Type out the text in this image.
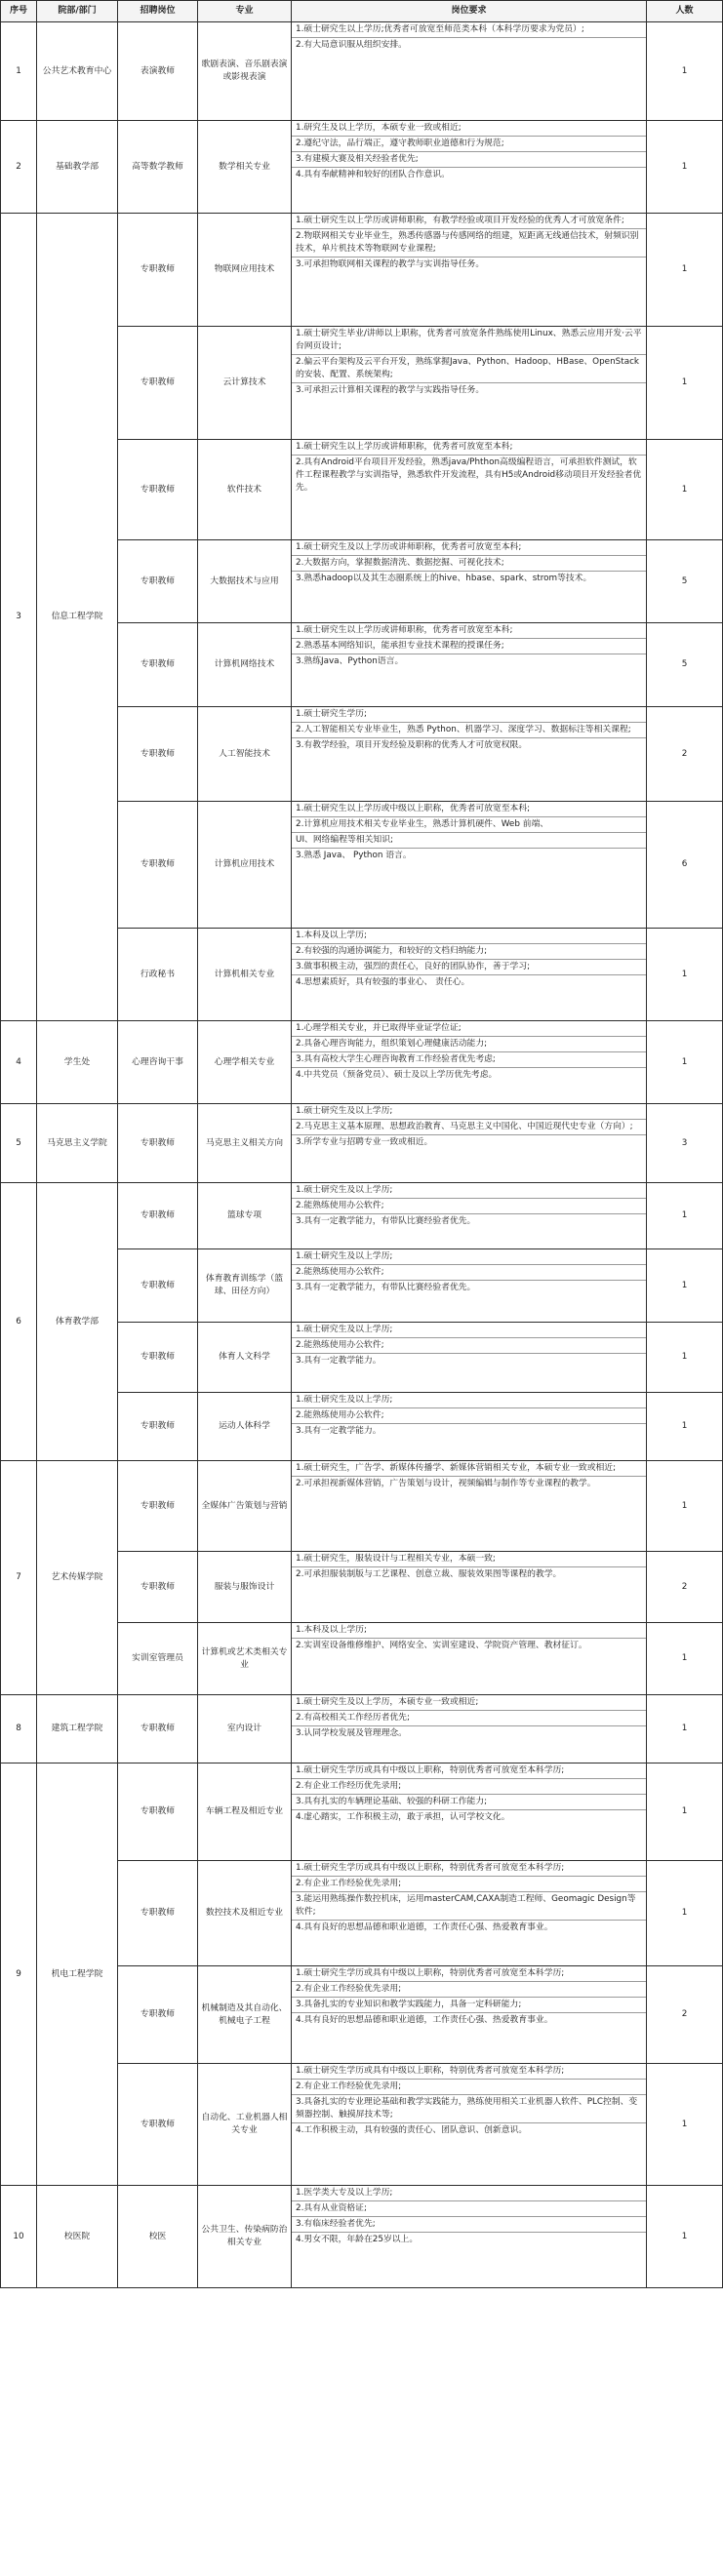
序号	院部/部门	招聘岗位	专业	岗位要求	人数
1	公共艺术教育中心	表演教师	歌剧表演、音乐剧表演或影视表演	1.硕士研究生以上学历;优秀者可放宽至师范类本科（本科学历要求为党员）;
2.有大局意识服从组织安排。	1
2	基础教学部	高等数学教师	数学相关专业	1.研究生及以上学历，本硕专业一致或相近;
2.遵纪守法，品行端正，遵守教师职业道德和行为规范;
3.有建模大赛及相关经验者优先;
4.具有奉献精神和较好的团队合作意识。	1
3	信息工程学院	专职教师	物联网应用技术	1.硕士研究生以上学历或讲师职称，有教学经验或项目开发经验的优秀人才可放宽条件;
2.物联网相关专业毕业生，熟悉传感器与传感网络的组建，短距离无线通信技术，射频识别技术，单片机技术等物联网专业课程;
3.可承担物联网相关课程的教学与实训指导任务。	1
		专职教师	云计算技术	1.硕士研究生毕业/讲师以上职称，优秀者可放宽条件熟练使用Linux、熟悉云应用开发·云平台网页设计;
2.偏云平台架构及云平台开发，熟练掌握Java、Python、Hadoop、HBase、OpenStack的安装、配置、系统架构;
3.可承担云计算相关课程的教学与实践指导任务。	1
		专职教师	软件技术	1.硕士研究生以上学历或讲师职称，优秀者可放宽至本科;
2.具有Android平台项目开发经验，熟悉java/Phthon高级编程语言，可承担软件测试，软件工程课程教学与实训指导，熟悉软件开发流程，具有H5或Android移动项目开发经验者优先。	1
		专职教师	大数据技术与应用	1.硕士研究生及以上学历或讲师职称，优秀者可放宽至本科;
2.大数据方向，掌握数据清洗、数据挖掘、可视化技术;
3.熟悉hadoop以及其生态圈系统上的hive、hbase、spark、strom等技术。	5
		专职教师	计算机网络技术	1.硕士研究生以上学历或讲师职称，优秀者可放宽至本科;
2.熟悉基本网络知识，能承担专业技术课程的授课任务;
3.熟练Java、Python语言。	5
		专职教师	人工智能技术	1.硕士研究生学历;
2.人工智能相关专业毕业生，熟悉 Python、机器学习、深度学习、数据标注等相关课程;
3.有教学经验，项目开发经验及职称的优秀人才可放宽权限。	2
		专职教师	计算机应用技术	1.硕士研究生以上学历或中级以上职称，优秀者可放宽至本科;
2.计算机应用技术相关专业毕业生，熟悉计算机硬件、Web 前端、
UI、网络编程等相关知识;
3.熟悉 Java、 Python 语言。	6
		行政秘书	计算机相关专业	1.本科及以上学历;
2.有较强的沟通协调能力，和较好的文档归纳能力;
3.做事积极主动，强烈的责任心，良好的团队协作，善于学习;
4.思想素质好，具有较强的事业心、 责任心。	1
4	学生处	心理咨询干事	心理学相关专业	1.心理学相关专业，并已取得毕业证学位证;
2.具备心理咨询能力，组织策划心理健康活动能力;
3.具有高校大学生心理咨询教育工作经验者优先考虑;
4.中共党员（预备党员）、硕士及以上学历优先考虑。	1
5	马克思主义学院	专职教师	马克思主义相关方向	1.硕士研究生及以上学历;
2.马克思主义基本原理、思想政治教育、马克思主义中国化、中国近现代史专业（方向）;
3.所学专业与招聘专业一致或相近。	3
6	体育教学部	专职教师	篮球专项	1.硕士研究生及以上学历;
2.能熟练使用办公软件;
3.具有一定教学能力，有带队比赛经验者优先。	1
		专职教师	体育教育训练学（篮球、田径方向）	1.硕士研究生及以上学历;
2.能熟练使用办公软件;
3.具有一定教学能力，有带队比赛经验者优先。	1
		专职教师	体育人文科学	1.硕士研究生及以上学历;
2.能熟练使用办公软件;
3.具有一定教学能力。	1
		专职教师	运动人体科学	1.硕士研究生及以上学历;
2.能熟练使用办公软件;
3.具有一定教学能力。	1
7	艺术传媒学院	专职教师	全媒体广告策划与营销	1.硕士研究生，广告学、新媒体传播学、新媒体营销相关专业，本硕专业一致或相近;
2.可承担视新媒体营销，广告策划与设计，视频编辑与制作等专业课程的教学。	1
		专职教师	服装与服饰设计	1.硕士研究生，服装设计与工程相关专业，本硕一致;
2.可承担服装制版与工艺课程、创意立裁、服装效果图等课程的教学。	2
		实训室管理员	计算机或艺术类相关专业	1.本科及以上学历;
2.实训室设备维修维护、网络安全、实训室建设、学院资产管理、教材征订。	1
8	建筑工程学院	专职教师	室内设计	1.硕士研究生及以上学历，本硕专业一致或相近;
2.有高校相关工作经历者优先;
3.认同学校发展及管理理念。	1
9	机电工程学院	专职教师	车辆工程及相近专业	1.硕士研究生学历或具有中级以上职称，特别优秀者可放宽至本科学历;
2.有企业工作经历优先录用;
3.具有扎实的车辆理论基础、较强的科研工作能力;
4.虚心踏实，工作积极主动，敢于承担，认可学校文化。	1
		专职教师	数控技术及相近专业	1.硕士研究生学历或具有中级以上职称，特别优秀者可放宽至本科学历;
2.有企业工作经验优先录用;
3.能运用熟练操作数控机床，运用masterCAM,CAXA制造工程师、Geomagic Design等软件;
4.具有良好的思想品德和职业道德，工作责任心强、热爱教育事业。	1
		专职教师	机械制造及其自动化、机械电子工程	1.硕士研究生学历或具有中级以上职称，特别优秀者可放宽至本科学历;
2.有企业工作经验优先录用;
3.具备扎实的专业知识和教学实践能力，具备一定科研能力;
4.具有良好的思想品德和职业道德，工作责任心强、热爱教育事业。	2
		专职教师	自动化、工业机器人相关专业	1.硕士研究生学历或具有中级以上职称，特别优秀者可放宽至本科学历;
2.有企业工作经验优先录用;
3.具备扎实的专业理论基础和教学实践能力，熟练使用相关工业机器人软件、PLC控制、变频器控制、触摸屏技术等;
4.工作积极主动，具有较强的责任心、团队意识、创新意识。	1
10	校医院	校医	公共卫生、传染病防治相关专业	1.医学类大专及以上学历;
2.具有从业资格证;
3.有临床经验者优先;
4.男女不限，年龄在25岁以上。	1
